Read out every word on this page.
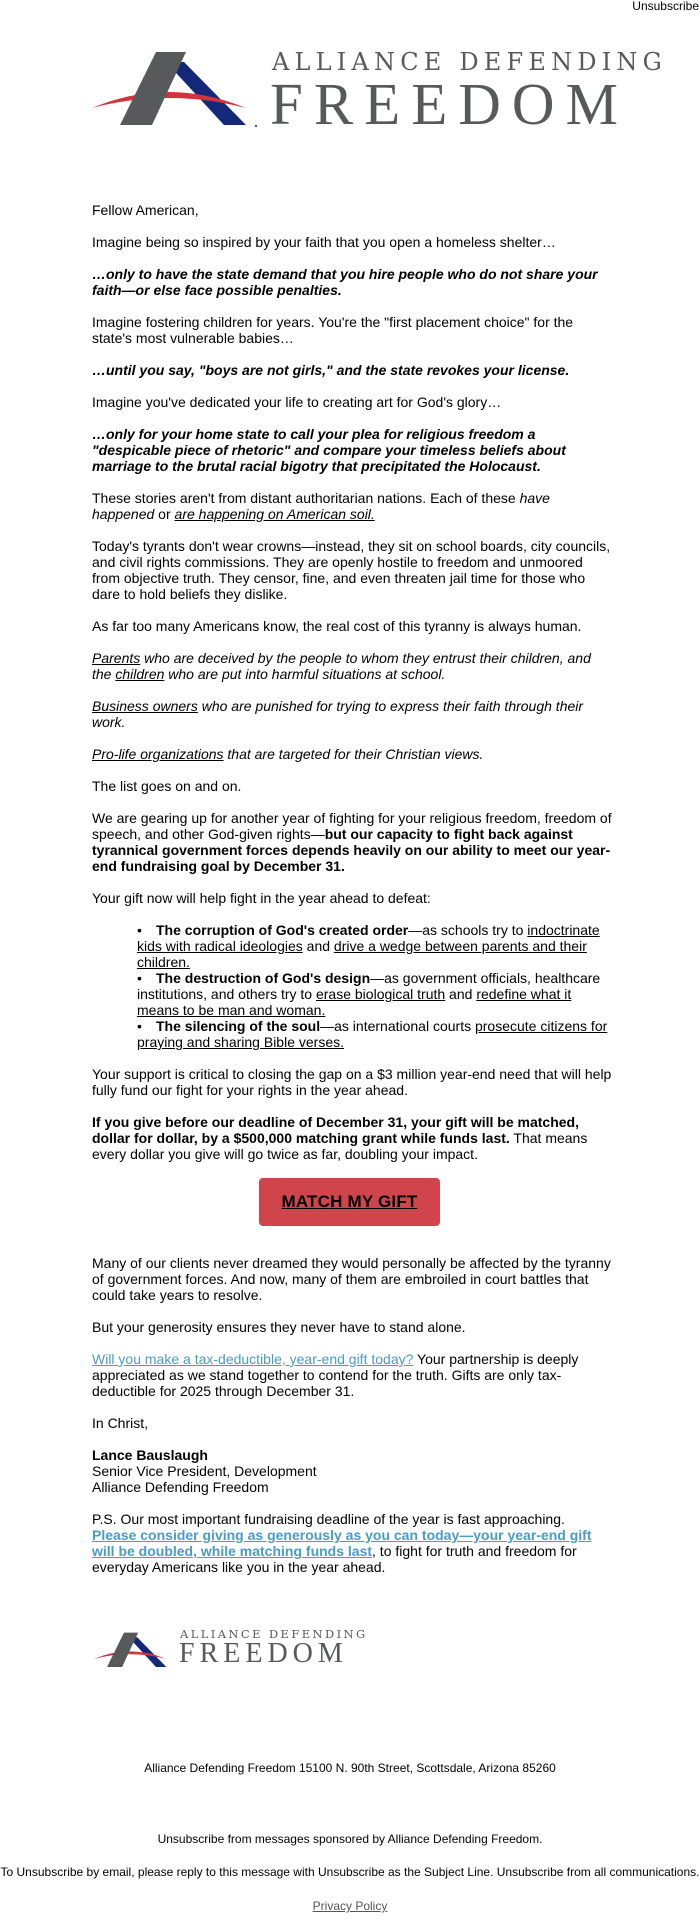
Unsubscribe
ALLIANCE DEFENDING
FREEDOM

Fellow American,

Imagine being so inspired by your faith that you open a homeless shelter…

…only to have the state demand that you hire people who do not share your faith—or else face possible penalties.

Imagine fostering children for years. You're the "first placement choice" for the state's most vulnerable babies…

…until you say, "boys are not girls," and the state revokes your license.

Imagine you've dedicated your life to creating art for God's glory…

…only for your home state to call your plea for religious freedom a "despicable piece of rhetoric" and compare your timeless beliefs about marriage to the brutal racial bigotry that precipitated the Holocaust.

These stories aren't from distant authoritarian nations. Each of these have happened or are happening on American soil.

Today's tyrants don't wear crowns—instead, they sit on school boards, city councils, and civil rights commissions. They are openly hostile to freedom and unmoored from objective truth. They censor, fine, and even threaten jail time for those who dare to hold beliefs they dislike.

As far too many Americans know, the real cost of this tyranny is always human.

Parents who are deceived by the people to whom they entrust their children, and the children who are put into harmful situations at school.

Business owners who are punished for trying to express their faith through their work.

Pro-life organizations that are targeted for their Christian views.

The list goes on and on.

We are gearing up for another year of fighting for your religious freedom, freedom of speech, and other God-given rights—but our capacity to fight back against tyrannical government forces depends heavily on our ability to meet our year-end fundraising goal by December 31.

Your gift now will help fight in the year ahead to defeat:

• The corruption of God's created order—as schools try to indoctrinate kids with radical ideologies and drive a wedge between parents and their children.

• The destruction of God's design—as government officials, healthcare institutions, and others try to erase biological truth and redefine what it means to be man and woman.

• The silencing of the soul—as international courts prosecute citizens for praying and sharing Bible verses.

Your support is critical to closing the gap on a $3 million year-end need that will help fully fund our fight for your rights in the year ahead.

If you give before our deadline of December 31, your gift will be matched, dollar for dollar, by a $500,000 matching grant while funds last. That means every dollar you give will go twice as far, doubling your impact.

MATCH MY GIFT

Many of our clients never dreamed they would personally be affected by the tyranny of government forces. And now, many of them are embroiled in court battles that could take years to resolve.

But your generosity ensures they never have to stand alone.

Will you make a tax-deductible, year-end gift today? Your partnership is deeply appreciated as we stand together to contend for the truth. Gifts are only tax-deductible for 2025 through December 31.

In Christ,

Lance Bauslaugh

Senior Vice President, Development

Alliance Defending Freedom

P.S. Our most important fundraising deadline of the year is fast approaching. Please consider giving as generously as you can today—your year-end gift will be doubled, while matching funds last, to fight for truth and freedom for everyday Americans like you in the year ahead.

ALLIANCE DEFENDING
FREEDOM
Alliance Defending Freedom 15100 N. 90th Street, Scottsdale, Arizona 85260
Unsubscribe from messages sponsored by Alliance Defending Freedom.
To Unsubscribe by email, please reply to this message with Unsubscribe as the Subject Line. Unsubscribe from all communications.
Privacy Policy
